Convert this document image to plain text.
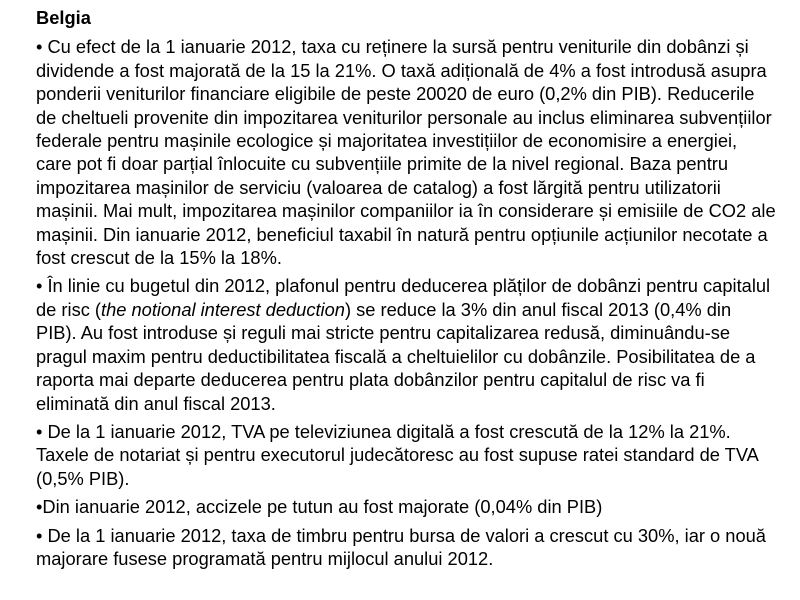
Belgia
• Cu efect de la 1 ianuarie 2012, taxa cu reținere la sursă pentru veniturile din dobânzi și dividende a fost majorată de la 15 la 21%. O taxă adițională de 4% a fost introdusă asupra ponderii veniturilor financiare eligibile de peste 20020 de euro (0,2% din PIB). Reducerile de cheltueli provenite din impozitarea veniturilor personale au inclus eliminarea subvențiilor federale pentru mașinile ecologice și majoritatea investițiilor de economisire a energiei, care pot fi doar parțial înlocuite cu subvențiile primite de la nivel regional. Baza pentru impozitarea mașinilor de serviciu (valoarea de catalog) a fost lărgită pentru utilizatorii mașinii. Mai mult, impozitarea mașinilor companiilor ia în considerare și emisiile de CO2 ale mașinii. Din ianuarie 2012, beneficiul taxabil în natură pentru opțiunile acțiunilor necotate a fost crescut de la 15% la 18%.
• În linie cu bugetul din 2012, plafonul pentru deducerea plăților de dobânzi pentru capitalul de risc (the notional interest deduction) se reduce la 3% din anul fiscal 2013 (0,4% din PIB). Au fost introduse și reguli mai stricte pentru capitalizarea redusă, diminuându-se pragul maxim pentru deductibilitatea fiscală a cheltuielilor cu dobânzile. Posibilitatea de a raporta mai departe deducerea pentru plata dobânzilor pentru capitalul de risc va fi eliminată din anul fiscal 2013.
• De la 1 ianuarie 2012, TVA pe televiziunea digitală a fost crescută de la 12% la 21%. Taxele de notariat și pentru executorul judecătoresc au fost supuse ratei standard de TVA (0,5% PIB).
•Din ianuarie 2012, accizele pe tutun au fost majorate (0,04% din PIB)
• De la 1 ianuarie 2012, taxa de timbru pentru bursa de valori a crescut cu 30%, iar o nouă majorare fusese programată pentru mijlocul anului 2012.
